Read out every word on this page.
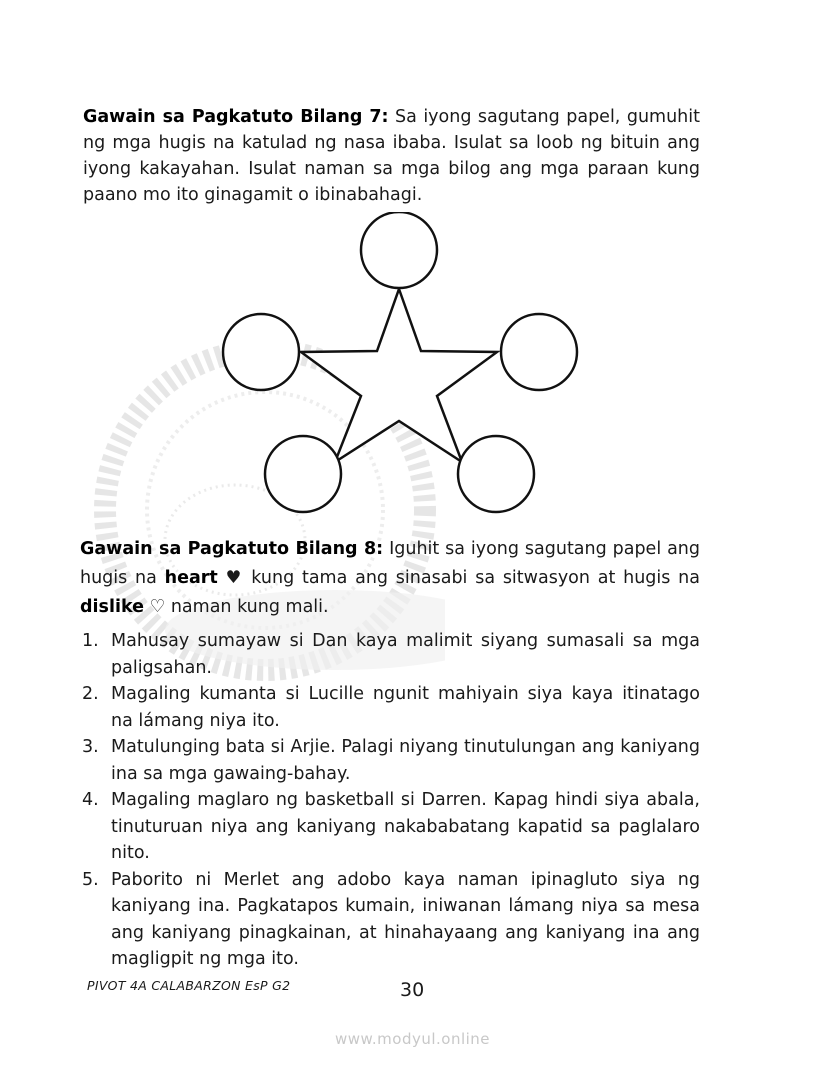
Gawain sa Pagkatuto Bilang 7: Sa iyong sagutang papel, gumuhit ng mga hugis na katulad ng nasa ibaba. Isulat sa loob ng bituin ang iyong kakayahan. Isulat naman sa mga bilog ang mga paraan kung paano mo ito ginagamit o ibinabahagi.
Gawain sa Pagkatuto Bilang 8: Iguhit sa iyong sagutang papel ang hugis na heart ♥ kung tama ang sinasabi sa sitwasyon at hugis na dislike ♡ naman kung mali.
1. Mahusay sumayaw si Dan kaya malimit siyang sumasali sa mga paligsahan.
2. Magaling kumanta si Lucille ngunit mahiyain siya kaya itinatago na lámang niya ito.
3. Matulunging bata si Arjie. Palagi niyang tinutulungan ang kaniyang ina sa mga gawaing-bahay.
4. Magaling maglaro ng basketball si Darren. Kapag hindi siya abala, tinuturuan niya ang kaniyang nakababatang kapatid sa paglalaro nito.
5. Paborito ni Merlet ang adobo kaya naman ipinagluto siya ng kaniyang ina. Pagkatapos kumain, iniwanan lámang niya sa mesa ang kaniyang pinagkainan, at hinahayaang ang kaniyang ina ang magligpit ng mga ito.
PIVOT 4A CALABARZON EsP G2	30
www.modyul.online
